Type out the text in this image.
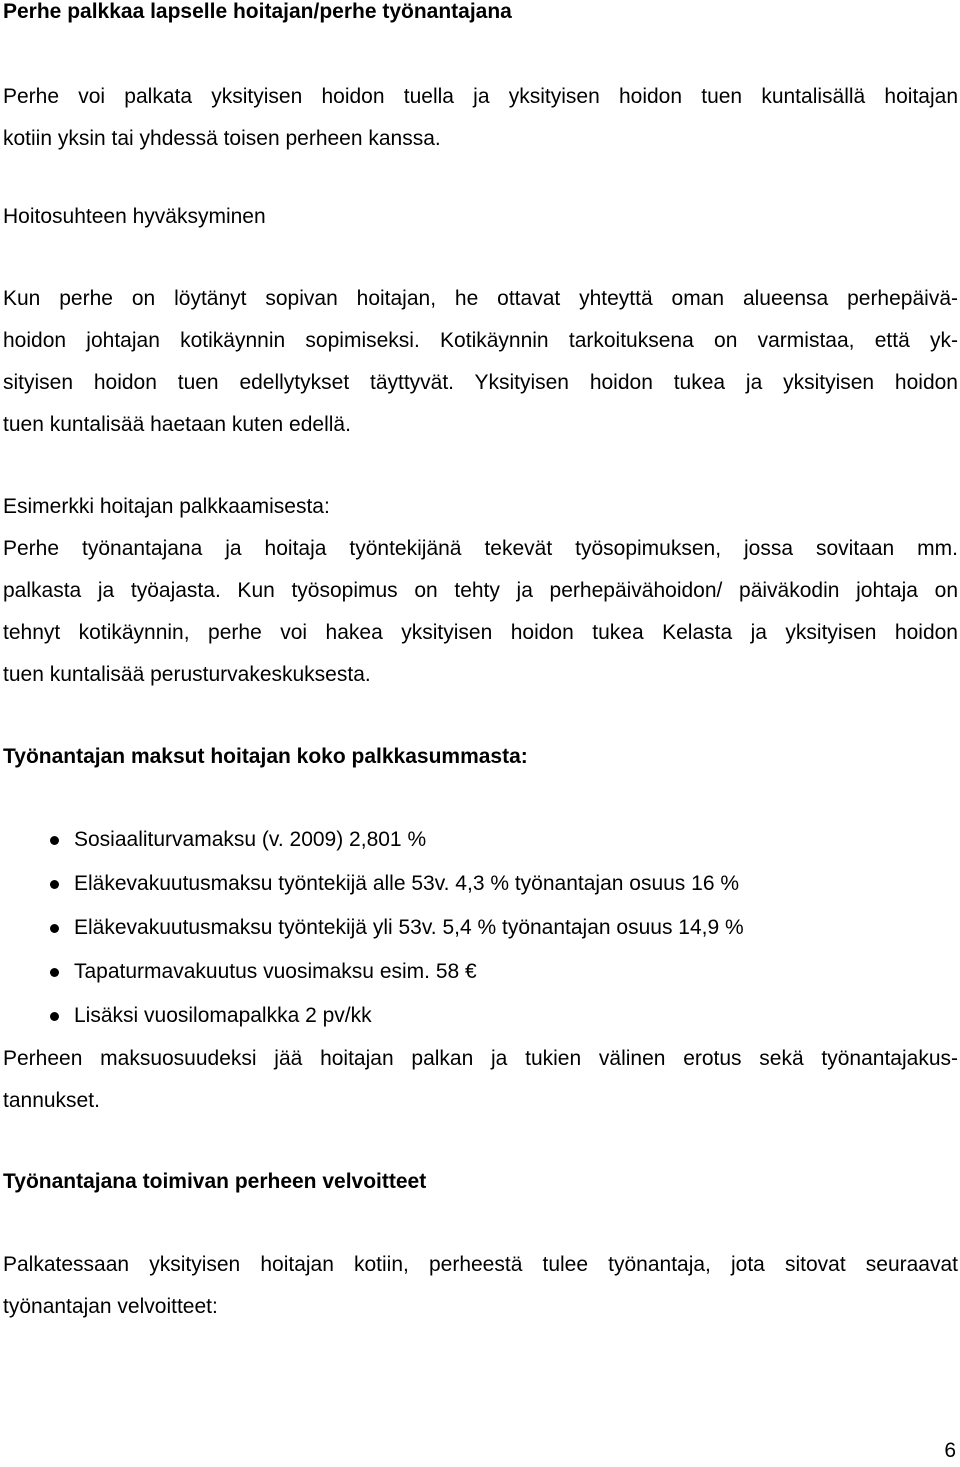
Perhe palkkaa lapselle hoitajan/perhe työnantajana

Perhe voi palkata yksityisen hoidon tuella ja yksityisen hoidon tuen kuntalisällä hoitajan
kotiin yksin tai yhdessä toisen perheen kanssa.

Hoitosuhteen hyväksyminen

Kun perhe on löytänyt sopivan hoitajan, he ottavat yhteyttä oman alueensa perhepäivä-
hoidon johtajan kotikäynnin sopimiseksi. Kotikäynnin tarkoituksena on varmistaa, että yk-
sityisen hoidon tuen edellytykset täyttyvät. Yksityisen hoidon tukea ja yksityisen hoidon
tuen kuntalisää haetaan kuten edellä.

Esimerkki hoitajan palkkaamisesta:

Perhe työnantajana ja hoitaja työntekijänä tekevät työsopimuksen, jossa sovitaan mm.
palkasta ja työajasta. Kun työsopimus on tehty ja perhepäivähoidon/ päiväkodin johtaja on
tehnyt kotikäynnin, perhe voi hakea yksityisen hoidon tukea Kelasta ja yksityisen hoidon
tuen kuntalisää perusturvakeskuksesta.

Työnantajan maksut hoitajan koko palkkasummasta:

Sosiaaliturvamaksu (v. 2009) 2,801 %
Eläkevakuutusmaksu työntekijä alle 53v. 4,3 % työnantajan osuus 16 %
Eläkevakuutusmaksu työntekijä yli 53v. 5,4 % työnantajan osuus 14,9 %
Tapaturmavakuutus vuosimaksu esim. 58 €
Lisäksi vuosilomapalkka 2 pv/kk

Perheen maksuosuudeksi jää hoitajan palkan ja tukien välinen erotus sekä työnantajakus-
tannukset.

Työnantajana toimivan perheen velvoitteet

Palkatessaan yksityisen hoitajan kotiin, perheestä tulee työnantaja, jota sitovat seuraavat
työnantajan velvoitteet:

6
